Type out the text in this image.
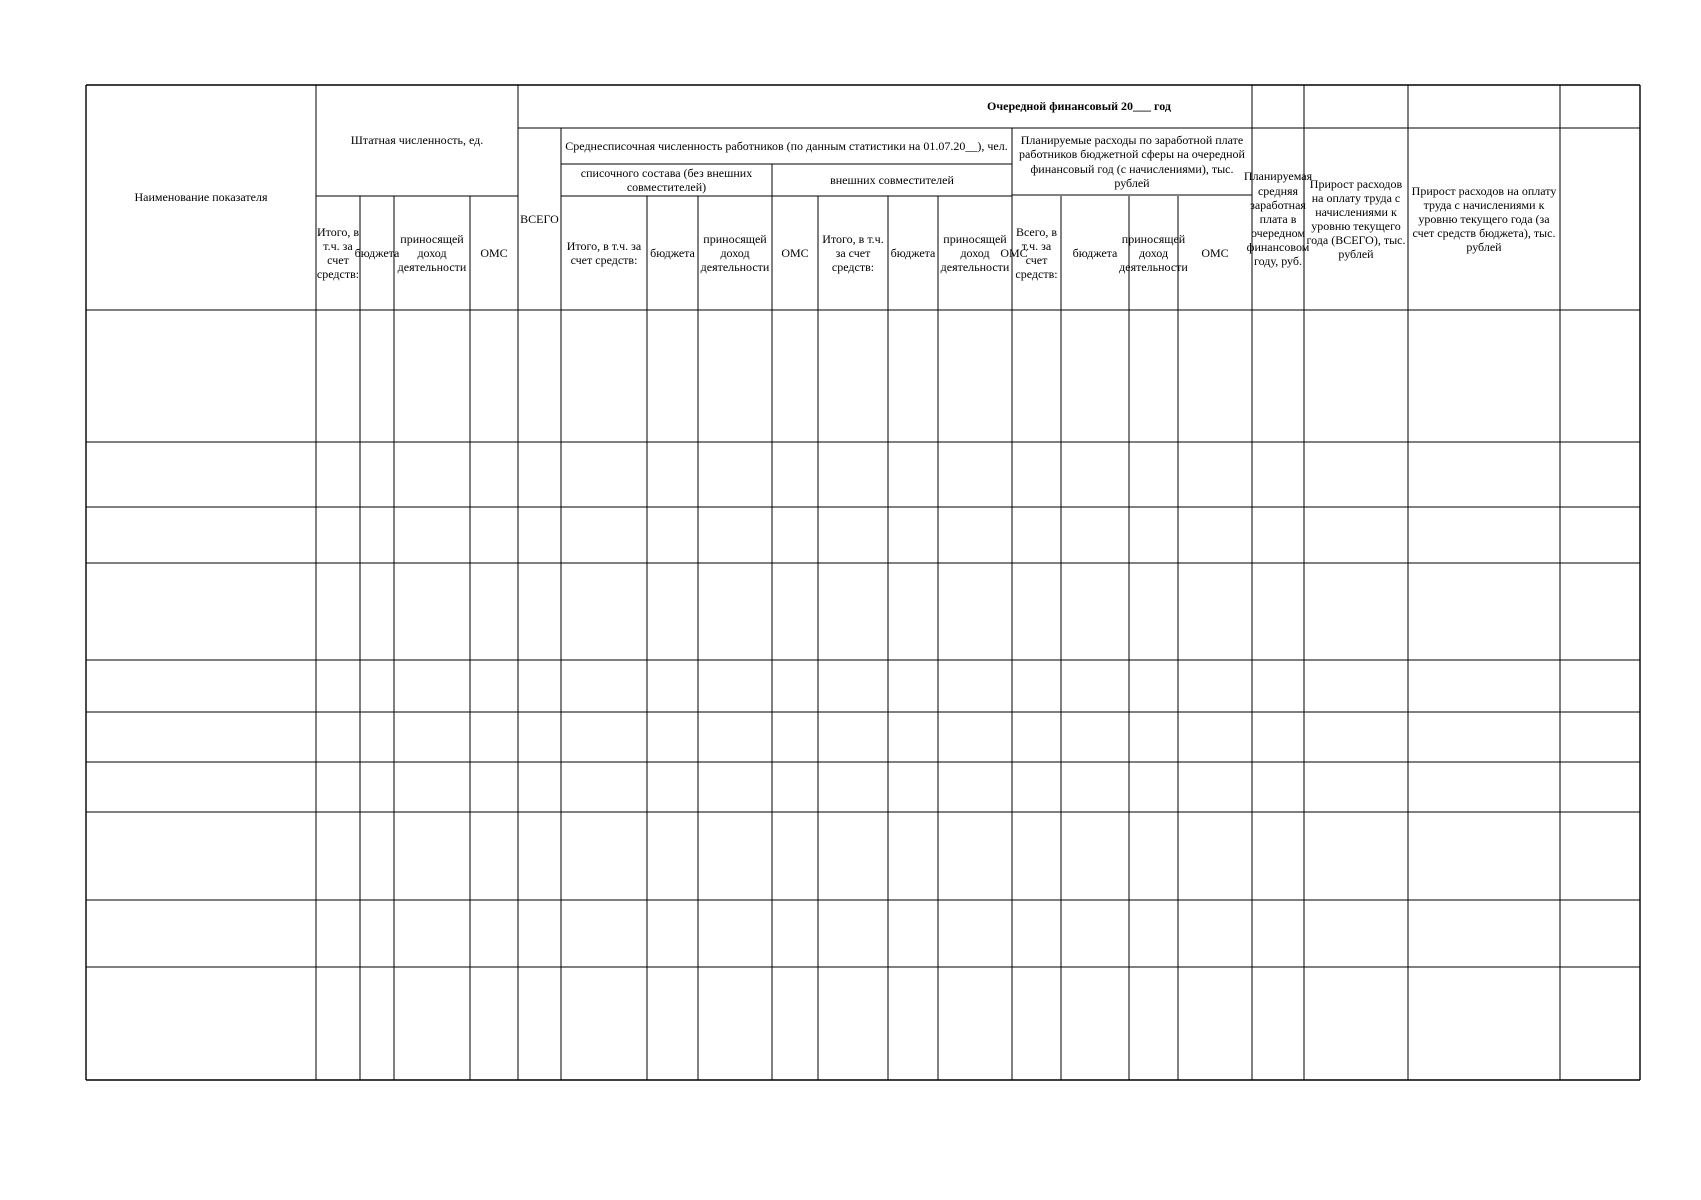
Наименование показателя
Штатная численность, ед.
Итого, в т.ч. за счет средств:
бюджета
приносящей доход деятельности
ОМС
Очередной финансовый 20___ год
Среднесписочная численность работников (по данным статистики на 01.07.20__), чел.
ВСЕГО
списочного состава (без внешних совместителей)
внешних совместителей
Итого, в т.ч. за счет средств:
бюджета
приносящей доход деятельности
ОМС
Итого, в т.ч. за счет средств:
бюджета
приносящей доход деятельности
ОМС
Планируемые расходы по заработной плате работников бюджетной сферы на очередной финансовый год (с начислениями), тыс. рублей
Всего, в т.ч. за счет средств:
бюджета
приносящей доход деятельности
ОМС
Планируемая средняя заработная плата в очередном финансовом году, руб.
Прирост расходов на оплату труда с начислениями к уровню текущего года (ВСЕГО), тыс. рублей
Прирост расходов на оплату труда с начислениями к уровню текущего года (за счет средств бюджета), тыс. рублей
